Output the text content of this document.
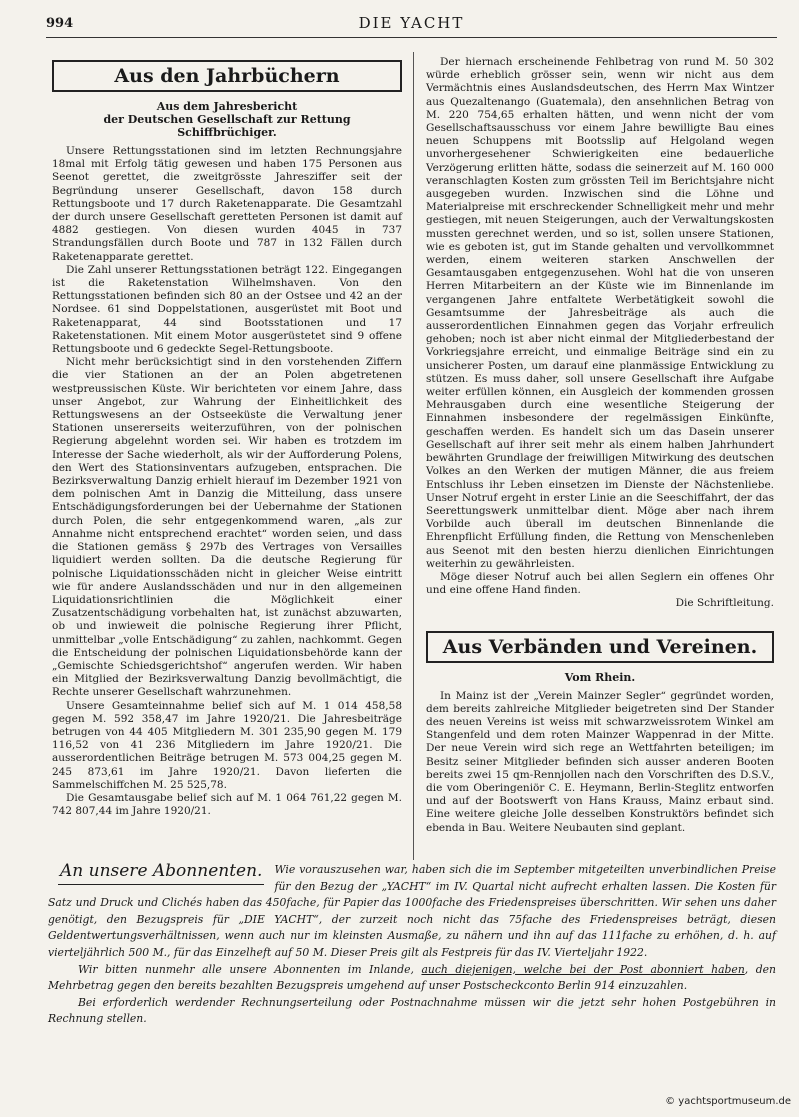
994	DIE YACHT
Aus den Jahrbüchern
Aus dem Jahresbericht
der Deutschen Gesellschaft zur Rettung Schiffbrüchiger.

Unsere Rettungsstationen sind im letzten Rechnungsjahre 18mal mit Erfolg tätig gewesen und haben 175 Personen aus Seenot gerettet, die zweitgrösste Jahresziffer seit der Begründung unserer Gesellschaft, davon 158 durch Rettungsboote und 17 durch Raketenapparate. Die Gesamtzahl der durch unsere Gesellschaft geretteten Personen ist damit auf 4882 gestiegen. Von diesen wurden 4045 in 737 Strandungsfällen durch Boote und 787 in 132 Fällen durch Raketenapparate gerettet.

Die Zahl unserer Rettungsstationen beträgt 122. Eingegangen ist die Raketenstation Wilhelmshaven. Von den Rettungsstationen befinden sich 80 an der Ostsee und 42 an der Nordsee. 61 sind Doppelstationen, ausgerüstet mit Boot und Raketenapparat, 44 sind Bootsstationen und 17 Raketenstationen. Mit einem Motor ausgerüstetet sind 9 offene Rettungsboote und 6 gedeckte Segel-Rettungsboote.

Nicht mehr berücksichtigt sind in den vorstehenden Ziffern die vier Stationen an der an Polen abgetretenen westpreussischen Küste. Wir berichteten vor einem Jahre, dass unser Angebot, zur Wahrung der Einheitlichkeit des Rettungswesens an der Ostseeküste die Verwaltung jener Stationen unsererseits weiterzuführen, von der polnischen Regierung abgelehnt worden sei. Wir haben es trotzdem im Interesse der Sache wiederholt, als wir der Aufforderung Polens, den Wert des Stationsinventars aufzugeben, entsprachen. Die Bezirksverwaltung Danzig erhielt hierauf im Dezember 1921 von dem polnischen Amt in Danzig die Mitteilung, dass unsere Entschädigungsforderungen bei der Uebernahme der Stationen durch Polen, die sehr entgegenkommend waren, „als zur Annahme nicht entsprechend erachtet“ worden seien, und dass die Stationen gemäss § 297b des Vertrages von Versailles liquidiert werden sollten. Da die deutsche Regierung für polnische Liquidationsschäden nicht in gleicher Weise eintritt wie für andere Auslandsschäden und nur in den allgemeinen Liquidationsrichtlinien die Möglichkeit einer Zusatzentschädigung vorbehalten hat, ist zunächst abzuwarten, ob und inwieweit die polnische Regierung ihrer Pflicht, unmittelbar „volle Entschädigung“ zu zahlen, nachkommt. Gegen die Entscheidung der polnischen Liquidationsbehörde kann der „Gemischte Schiedsgerichtshof“ angerufen werden. Wir haben ein Mitglied der Bezirksverwaltung Danzig bevollmächtigt, die Rechte unserer Gesellschaft wahrzunehmen.

Unsere Gesamteinnahme belief sich auf M. 1 014 458,58 gegen M. 592 358,47 im Jahre 1920/21. Die Jahresbeiträge betrugen von 44 405 Mitgliedern M. 301 235,90 gegen M. 179 116,52 von 41 236 Mitgliedern im Jahre 1920/21. Die ausserordentlichen Beiträge betrugen M. 573 004,25 gegen M. 245 873,61 im Jahre 1920/21. Davon lieferten die Sammelschiffchen M. 25 525,78.

Die Gesamtausgabe belief sich auf M. 1 064 761,22 gegen M. 742 807,44 im Jahre 1920/21.

Der hiernach erscheinende Fehlbetrag von rund M. 50 302 würde erheblich grösser sein, wenn wir nicht aus dem Vermächtnis eines Auslandsdeutschen, des Herrn Max Wintzer aus Quezaltenango (Guatemala), den ansehnlichen Betrag von M. 220 754,65 erhalten hätten, und wenn nicht der vom Gesellschaftsausschuss vor einem Jahre bewilligte Bau eines neuen Schuppens mit Bootsslip auf Helgoland wegen unvorhergesehener Schwierigkeiten eine bedauerliche Verzögerung erlitten hätte, sodass die seinerzeit auf M. 160 000 veranschlagten Kosten zum grössten Teil im Berichtsjahre nicht ausgegeben wurden. Inzwischen sind die Löhne und Materialpreise mit erschreckender Schnelligkeit mehr und mehr gestiegen, mit neuen Steigerungen, auch der Verwaltungskosten mussten gerechnet werden, und so ist, sollen unsere Stationen, wie es geboten ist, gut im Stande gehalten und vervollkommnet werden, einem weiteren starken Anschwellen der Gesamtausgaben entgegenzusehen. Wohl hat die von unseren Herren Mitarbeitern an der Küste wie im Binnenlande im vergangenen Jahre entfaltete Werbetätigkeit sowohl die Gesamtsumme der Jahresbeiträge als auch die ausserordentlichen Einnahmen gegen das Vorjahr erfreulich gehoben; noch ist aber nicht einmal der Mitgliederbestand der Vorkriegsjahre erreicht, und einmalige Beiträge sind ein zu unsicherer Posten, um darauf eine planmässige Entwicklung zu stützen. Es muss daher, soll unsere Gesellschaft ihre Aufgabe weiter erfüllen können, ein Ausgleich der kommenden grossen Mehrausgaben durch eine wesentliche Steigerung der Einnahmen insbesondere der regelmässigen Einkünfte, geschaffen werden. Es handelt sich um das Dasein unserer Gesellschaft auf ihrer seit mehr als einem halben Jahrhundert bewährten Grundlage der freiwilligen Mitwirkung des deutschen Volkes an den Werken der mutigen Männer, die aus freiem Entschluss ihr Leben einsetzen im Dienste der Nächstenliebe. Unser Notruf ergeht in erster Linie an die Seeschiffahrt, der das Seerettungswerk unmittelbar dient. Möge aber nach ihrem Vorbilde auch überall im deutschen Binnenlande die Ehrenpflicht Erfüllung finden, die Rettung von Menschenleben aus Seenot mit den besten hierzu dienlichen Einrichtungen weiterhin zu gewährleisten.

Möge dieser Notruf auch bei allen Seglern ein offenes Ohr und eine offene Hand finden.

Die Schriftleitung.
Aus Verbänden und Vereinen.
Vom Rhein.

In Mainz ist der „Verein Mainzer Segler“ gegründet worden, dem bereits zahlreiche Mitglieder beigetreten sind Der Stander des neuen Vereins ist weiss mit schwarzweissrotem Winkel am Stangenfeld und dem roten Mainzer Wappenrad in der Mitte. Der neue Verein wird sich rege an Wettfahrten beteiligen; im Besitz seiner Mitglieder befinden sich ausser anderen Booten bereits zwei 15 qm-Rennjollen nach den Vorschriften des D.S.V., die vom Oberingeniör C. E. Heymann, Berlin-Steglitz entworfen und auf der Bootswerft von Hans Krauss, Mainz erbaut sind. Eine weitere gleiche Jolle desselben Konstruktörs befindet sich ebenda in Bau. Weitere Neubauten sind geplant.

An unsere Abonnenten.	Wie vorauszusehen war, haben sich die im September mitgeteilten unverbindlichen Preise für den Bezug der „YACHT“ im IV. Quartal nicht aufrecht erhalten lassen. Die Kosten für Satz und Druck und Clichés haben das 450fache, für Papier das 1000fache des Friedenspreises überschritten. Wir sehen uns daher genötigt, den Bezugspreis für „DIE YACHT“, der zurzeit noch nicht das 75fache des Friedenspreises beträgt, diesen Geldentwertungsverhältnissen, wenn auch nur im kleinsten Ausmaße, zu nähern und ihn auf das 111fache zu erhöhen, d. h. auf vierteljährlich 500 M., für das Einzelheft auf 50 M. Dieser Preis gilt als Festpreis für das IV. Vierteljahr 1922.

Wir bitten nunmehr alle unsere Abonnenten im Inlande, auch diejenigen, welche bei der Post abonniert haben, den Mehrbetrag gegen den bereits bezahlten Bezugspreis umgehend auf unser Postscheckconto Berlin 914 einzuzahlen.

Bei erforderlich werdender Rechnungserteilung oder Postnachnahme müssen wir die jetzt sehr hohen Postgebühren in Rechnung stellen.

© yachtsportmuseum.de
